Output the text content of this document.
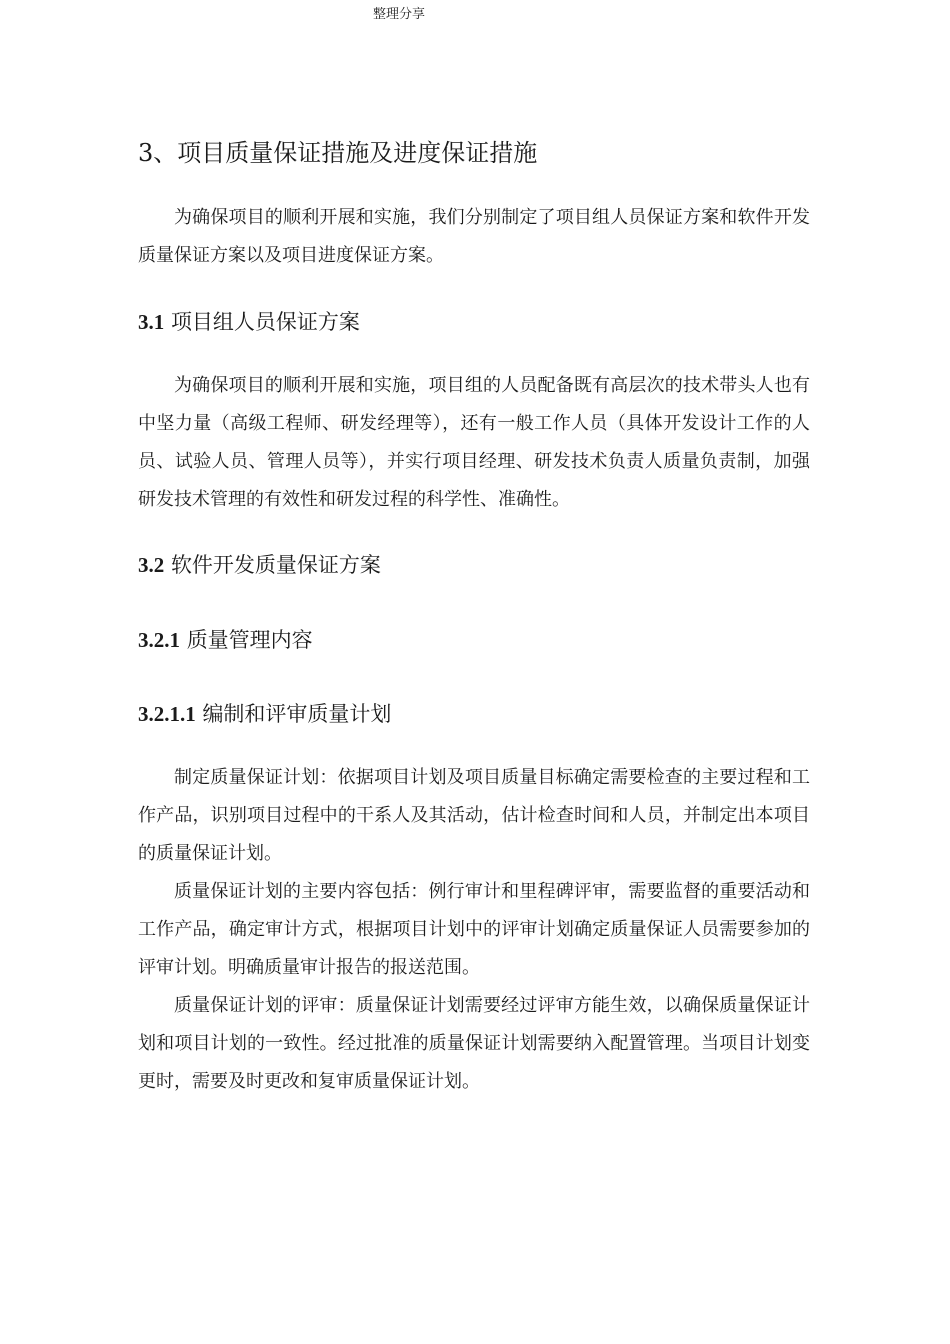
整理分享
3、项目质量保证措施及进度保证措施

为确保项目的顺利开展和实施，我们分别制定了项目组人员保证方案和软件开发质量保证方案以及项目进度保证方案。

3.1 项目组人员保证方案

为确保项目的顺利开展和实施，项目组的人员配备既有高层次的技术带头人也有中坚力量（高级工程师、研发经理等），还有一般工作人员（具体开发设计工作的人员、试验人员、管理人员等），并实行项目经理、研发技术负责人质量负责制，加强研发技术管理的有效性和研发过程的科学性、准确性。

3.2 软件开发质量保证方案
3.2.1 质量管理内容
3.2.1.1 编制和评审质量计划

制定质量保证计划：依据项目计划及项目质量目标确定需要检查的主要过程和工作产品，识别项目过程中的干系人及其活动，估计检查时间和人员，并制定出本项目的质量保证计划。

质量保证计划的主要内容包括：例行审计和里程碑评审，需要监督的重要活动和工作产品，确定审计方式，根据项目计划中的评审计划确定质量保证人员需要参加的评审计划。明确质量审计报告的报送范围。

质量保证计划的评审：质量保证计划需要经过评审方能生效，以确保质量保证计划和项目计划的一致性。经过批准的质量保证计划需要纳入配置管理。当项目计划变更时，需要及时更改和复审质量保证计划。
